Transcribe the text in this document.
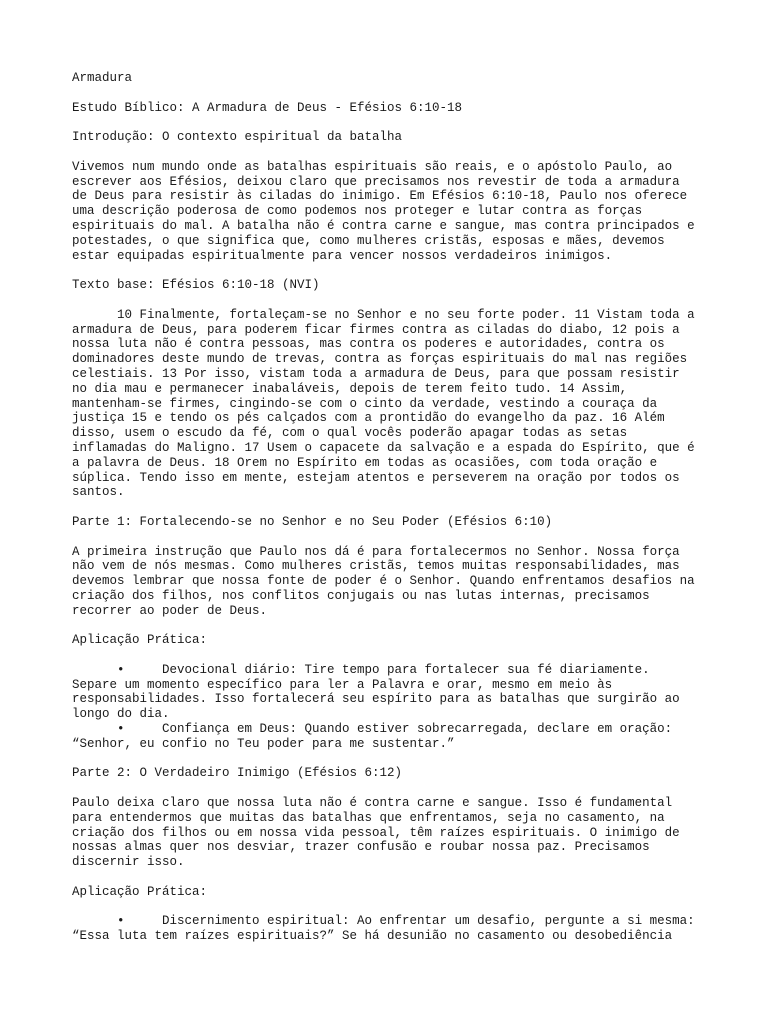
Armadura

Estudo Bíblico: A Armadura de Deus - Efésios 6:10-18

Introdução: O contexto espiritual da batalha

Vivemos num mundo onde as batalhas espirituais são reais, e o apóstolo Paulo, ao
escrever aos Efésios, deixou claro que precisamos nos revestir de toda a armadura
de Deus para resistir às ciladas do inimigo. Em Efésios 6:10-18, Paulo nos oferece
uma descrição poderosa de como podemos nos proteger e lutar contra as forças
espirituais do mal. A batalha não é contra carne e sangue, mas contra principados e
potestades, o que significa que, como mulheres cristãs, esposas e mães, devemos
estar equipadas espiritualmente para vencer nossos verdadeiros inimigos.

Texto base: Efésios 6:10-18 (NVI)

10 Finalmente, fortaleçam-se no Senhor e no seu forte poder. 11 Vistam toda a
armadura de Deus, para poderem ficar firmes contra as ciladas do diabo, 12 pois a
nossa luta não é contra pessoas, mas contra os poderes e autoridades, contra os
dominadores deste mundo de trevas, contra as forças espirituais do mal nas regiões
celestiais. 13 Por isso, vistam toda a armadura de Deus, para que possam resistir
no dia mau e permanecer inabaláveis, depois de terem feito tudo. 14 Assim,
mantenham-se firmes, cingindo-se com o cinto da verdade, vestindo a couraça da
justiça 15 e tendo os pés calçados com a prontidão do evangelho da paz. 16 Além
disso, usem o escudo da fé, com o qual vocês poderão apagar todas as setas
inflamadas do Maligno. 17 Usem o capacete da salvação e a espada do Espírito, que é
a palavra de Deus. 18 Orem no Espírito em todas as ocasiões, com toda oração e
súplica. Tendo isso em mente, estejam atentos e perseverem na oração por todos os
santos.

Parte 1: Fortalecendo-se no Senhor e no Seu Poder (Efésios 6:10)

A primeira instrução que Paulo nos dá é para fortalecermos no Senhor. Nossa força
não vem de nós mesmas. Como mulheres cristãs, temos muitas responsabilidades, mas
devemos lembrar que nossa fonte de poder é o Senhor. Quando enfrentamos desafios na
criação dos filhos, nos conflitos conjugais ou nas lutas internas, precisamos
recorrer ao poder de Deus.

Aplicação Prática:

•     Devocional diário: Tire tempo para fortalecer sua fé diariamente.
Separe um momento específico para ler a Palavra e orar, mesmo em meio às
responsabilidades. Isso fortalecerá seu espírito para as batalhas que surgirão ao
longo do dia.
•     Confiança em Deus: Quando estiver sobrecarregada, declare em oração:
“Senhor, eu confio no Teu poder para me sustentar.”

Parte 2: O Verdadeiro Inimigo (Efésios 6:12)

Paulo deixa claro que nossa luta não é contra carne e sangue. Isso é fundamental
para entendermos que muitas das batalhas que enfrentamos, seja no casamento, na
criação dos filhos ou em nossa vida pessoal, têm raízes espirituais. O inimigo de
nossas almas quer nos desviar, trazer confusão e roubar nossa paz. Precisamos
discernir isso.

Aplicação Prática:

•     Discernimento espiritual: Ao enfrentar um desafio, pergunte a si mesma:
“Essa luta tem raízes espirituais?” Se há desunião no casamento ou desobediência
